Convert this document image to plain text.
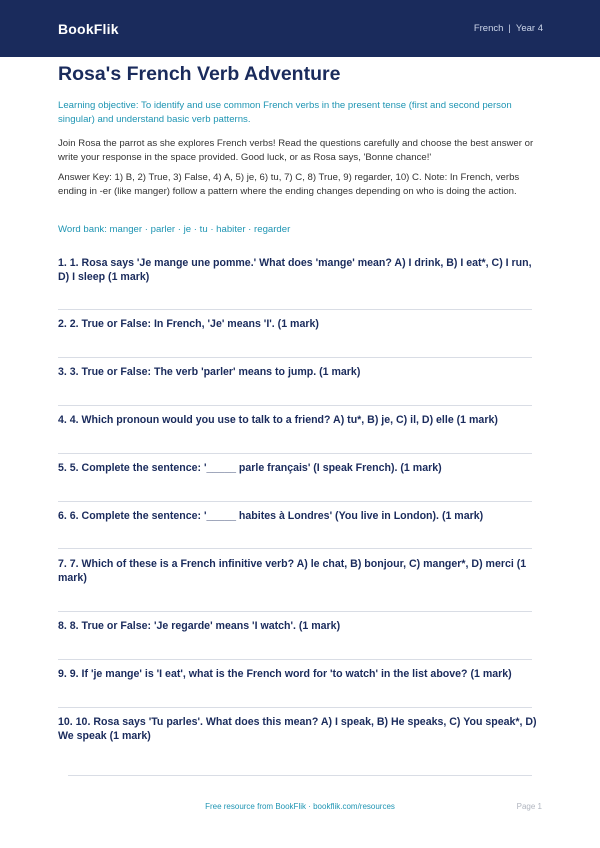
BookFlik	French | Year 4
Rosa's French Verb Adventure

Learning objective: To identify and use common French verbs in the present tense (first and second person singular) and understand basic verb patterns.

Join Rosa the parrot as she explores French verbs! Read the questions carefully and choose the best answer or write your response in the space provided. Good luck, or as Rosa says, 'Bonne chance!'

Answer Key: 1) B, 2) True, 3) False, 4) A, 5) je, 6) tu, 7) C, 8) True, 9) regarder, 10) C. Note: In French, verbs ending in -er (like manger) follow a pattern where the ending changes depending on who is doing the action.

Word bank: manger · parler · je · tu · habiter · regarder

1. 1. Rosa says 'Je mange une pomme.' What does 'mange' mean? A) I drink, B) I eat*, C) I run, D) I sleep (1 mark)

2. 2. True or False: In French, 'Je' means 'I'. (1 mark)

3. 3. True or False: The verb 'parler' means to jump. (1 mark)

4. 4. Which pronoun would you use to talk to a friend? A) tu*, B) je, C) il, D) elle (1 mark)

5. 5. Complete the sentence: '_____ parle français' (I speak French). (1 mark)

6. 6. Complete the sentence: '_____ habites à Londres' (You live in London). (1 mark)

7. 7. Which of these is a French infinitive verb? A) le chat, B) bonjour, C) manger*, D) merci (1 mark)

8. 8. True or False: 'Je regarde' means 'I watch'. (1 mark)

9. 9. If 'je mange' is 'I eat', what is the French word for 'to watch' in the list above? (1 mark)

10. 10. Rosa says 'Tu parles'. What does this mean? A) I speak, B) He speaks, C) You speak*, D) We speak (1 mark)

Free resource from BookFlik · bookflik.com/resources	Page 1
